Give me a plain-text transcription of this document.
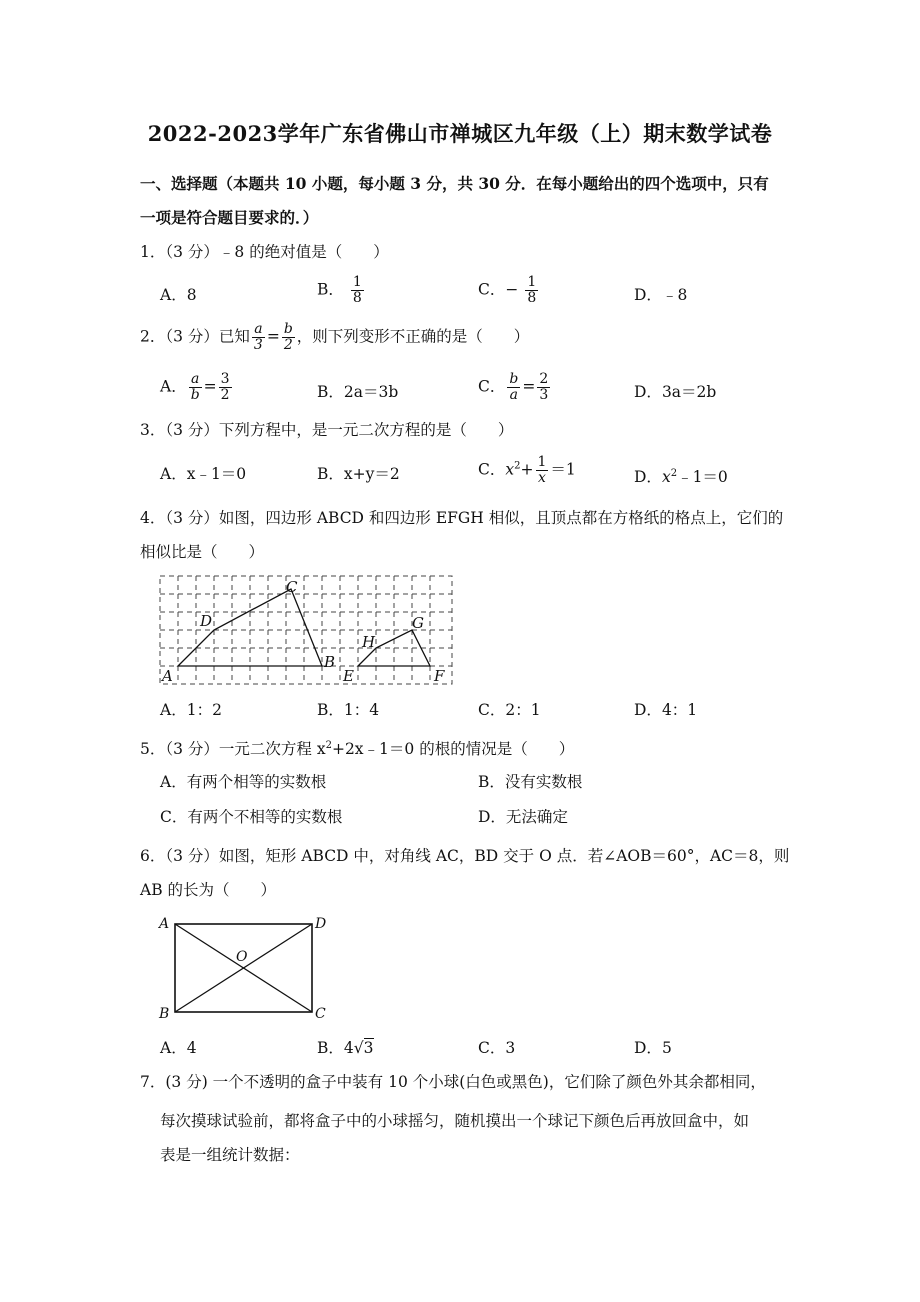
2022-2023学年广东省佛山市禅城区九年级（上）期末数学试卷
一、选择题（本题共 10 小题，每小题 3 分，共 30 分．在每小题给出的四个选项中，只有
一项是符合题目要求的．）
1．（3 分）﹣8 的绝对值是（　　）
A．8	B． $\frac{1}{8}$	C．− $\frac{1}{8}$	D．﹣8
2．（3 分）已知 $\frac{a}{3} = \frac{b}{2}$ ，则下列变形不正确的是（　　）
A． $\frac{a}{b} = \frac{3}{2}$	B．2a＝3b	C． $\frac{b}{a} = \frac{2}{3}$	D．3a＝2b
3．（3 分）下列方程中，是一元二次方程的是（　　）
A．x﹣1＝0	B．x+y＝2	C．$x^2+ \frac{1}{x} =1$	D．$x^2﹣1=0$
4．（3 分）如图，四边形 ABCD 和四边形 EFGH 相似，且顶点都在方格纸的格点上，它们的
相似比是（　　）
A
B
C
D
E	F
G
H
A．1：2	B．1：4	C．2：1	D．4：1
5．（3 分）一元二次方程 $x^2+2x﹣1=0$ 的根的情况是（　　）
A．有两个相等的实数根	B．没有实数根
C．有两个不相等的实数根	D．无法确定
6．（3 分）如图，矩形 ABCD 中，对角线 AC，BD 交于 O 点．若∠AOB＝60°，AC＝8，则
AB 的长为（　　）
A	D
B	C
O
A．4	B．4√3	C．3	D．5
7．(3 分) 一个不透明的盒子中装有 10 个小球(白色或黑色)，它们除了颜色外其余都相同，
每次摸球试验前，都将盒子中的小球摇匀，随机摸出一个球记下颜色后再放回盒中，如
表是一组统计数据：
